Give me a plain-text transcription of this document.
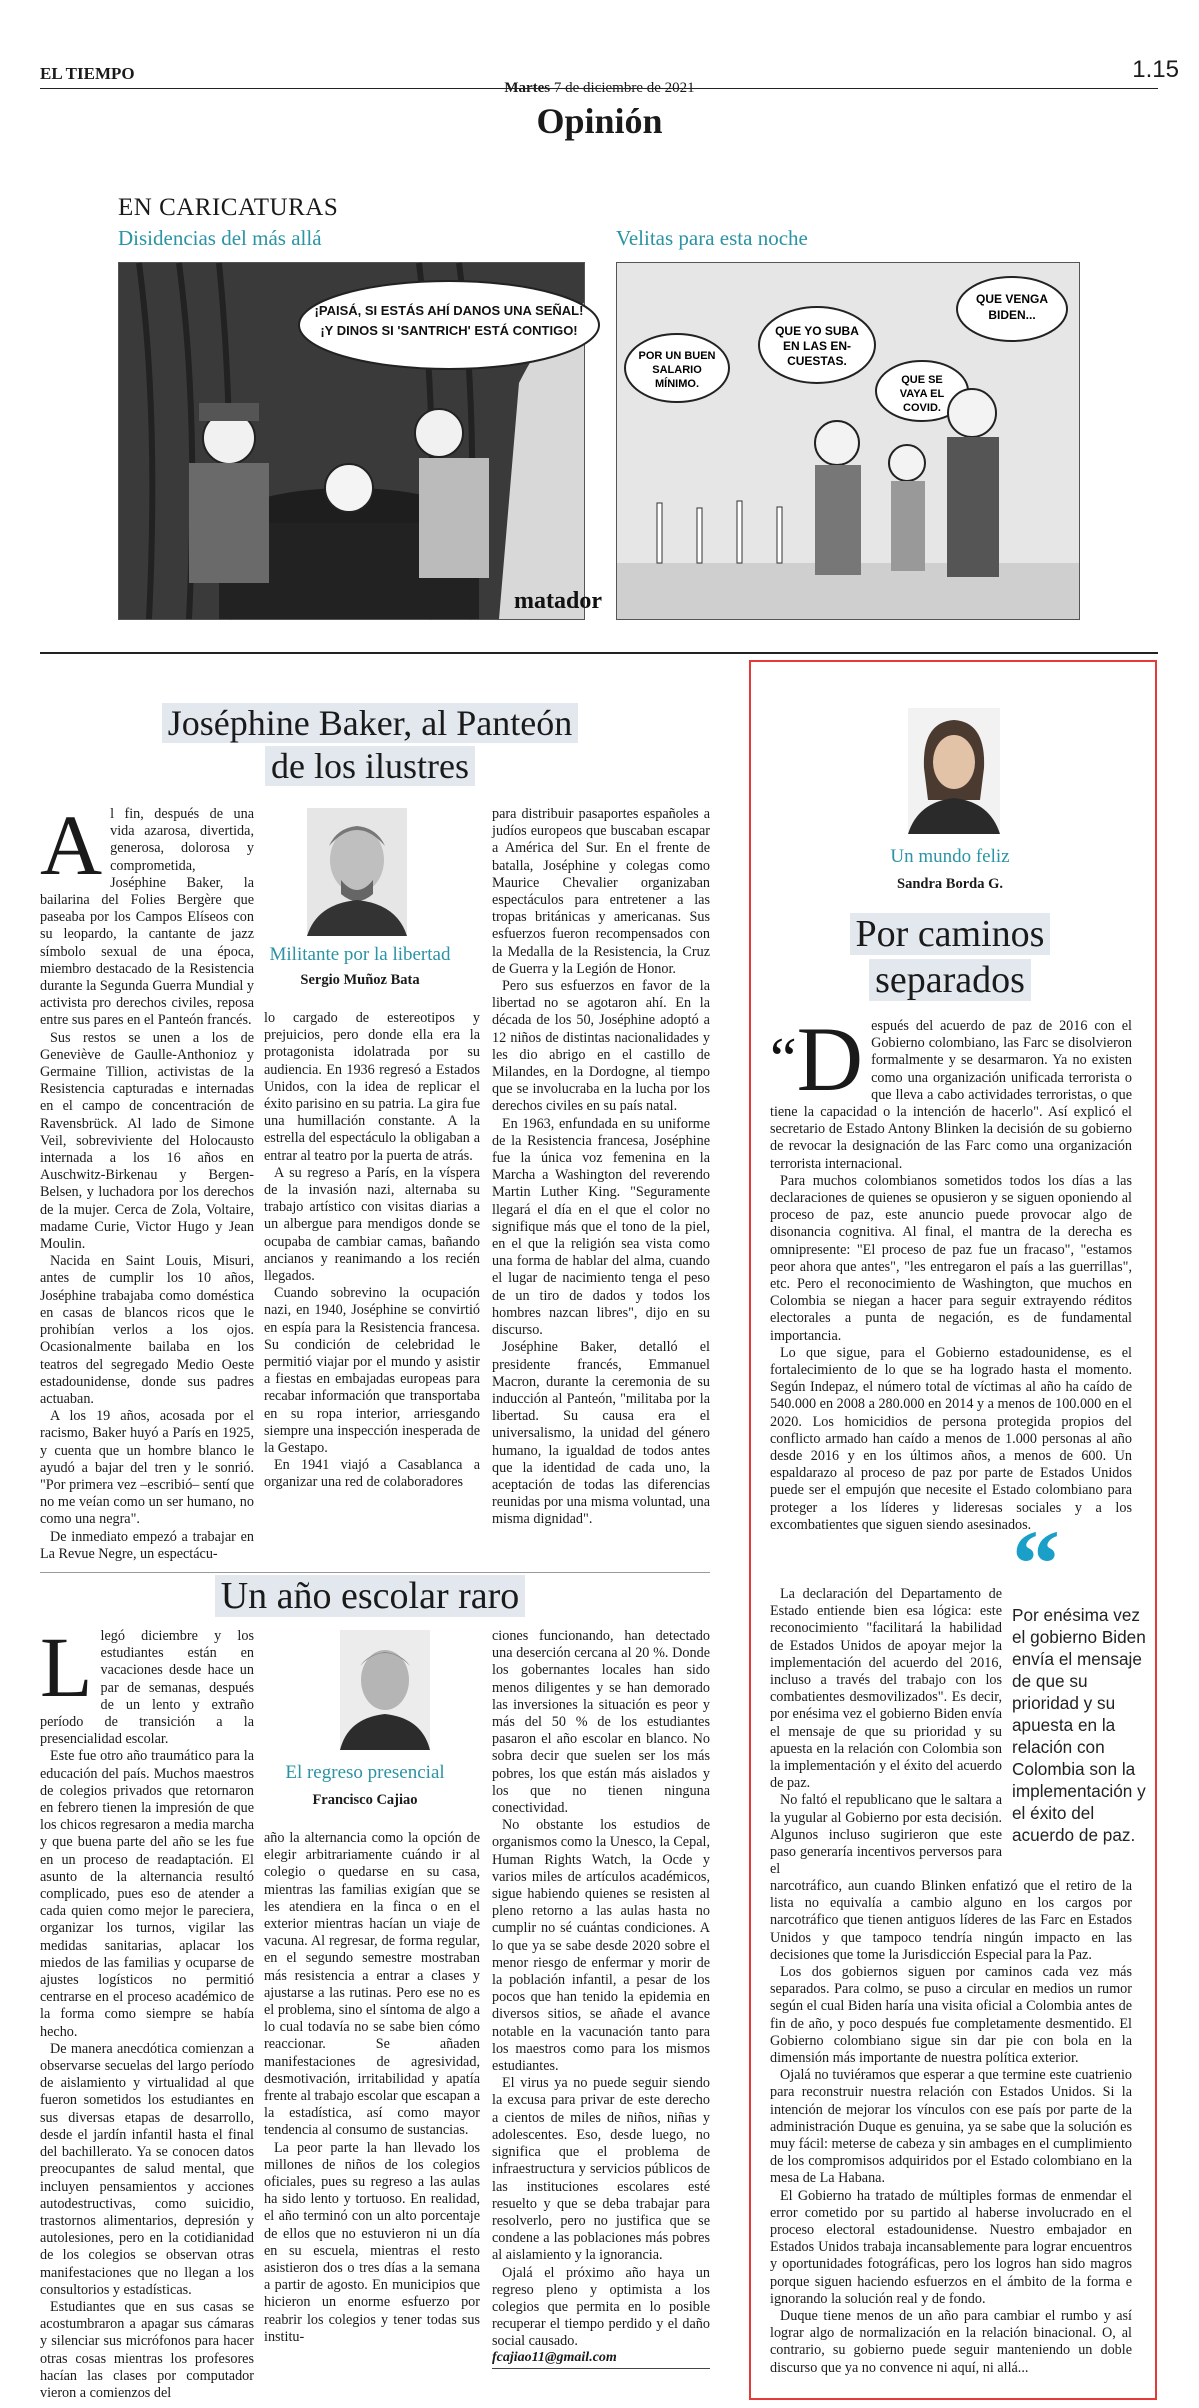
EL TIEMPO	1.15
Martes 7 de diciembre de 2021
Opinión
EN CARICATURAS
Disidencias del más allá	Velitas para esta noche
¡PAISÁ, SI ESTÁS AHÍ DANOS UNA SEÑAL!
¡Y DINOS SI 'SANTRICH' ESTÁ CONTIGO!
matador
POR UN BUEN
SALARIO
MÍNIMO.
QUE YO SUBA
EN LAS EN-
CUESTAS.
QUE SE
VAYA EL
COVID.
QUE VENGA
BIDEN...
Joséphine Baker, al Panteón de los ilustres
Militante por la libertad
Sergio Muñoz Bata
A l fin, después de una vida azarosa, divertida, generosa, dolorosa y comprometida, Joséphine Baker, la bailarina del Folies Bergère que paseaba por los Campos Elíseos con su leopardo, la cantante de jazz símbolo sexual de una época, miembro destacado de la Resistencia durante la Segunda Guerra Mundial y activista pro derechos civiles, reposa entre sus pares en el Panteón francés.

Sus restos se unen a los de Geneviève de Gaulle-Anthonioz y Germaine Tillion, activistas de la Resistencia capturadas e internadas en el campo de concentración de Ravensbrück. Al lado de Simone Veil, sobreviviente del Holocausto internada a los 16 años en Auschwitz-Birkenau y Bergen-Belsen, y luchadora por los derechos de la mujer. Cerca de Zola, Voltaire, madame Curie, Victor Hugo y Jean Moulin.

Nacida en Saint Louis, Misuri, antes de cumplir los 10 años, Joséphine trabajaba como doméstica en casas de blancos ricos que le prohibían verlos a los ojos. Ocasionalmente bailaba en los teatros del segregado Medio Oeste estadounidense, donde sus padres actuaban.

A los 19 años, acosada por el racismo, Baker huyó a París en 1925, y cuenta que un hombre blanco le ayudó a bajar del tren y le sonrió. "Por primera vez –escribió– sentí que no me veían como un ser humano, no como una negra".

De inmediato empezó a trabajar en La Revue Negre, un espectácu-

lo cargado de estereotipos y prejuicios, pero donde ella era la protagonista idolatrada por su audiencia. En 1936 regresó a Estados Unidos, con la idea de replicar el éxito parisino en su patria. La gira fue una humillación constante. A la estrella del espectáculo la obligaban a entrar al teatro por la puerta de atrás.

A su regreso a París, en la víspera de la invasión nazi, alternaba su trabajo artístico con visitas diarias a un albergue para mendigos donde se ocupaba de cambiar camas, bañando ancianos y reanimando a los recién llegados.

Cuando sobrevino la ocupación nazi, en 1940, Joséphine se convirtió en espía para la Resistencia francesa. Su condición de celebridad le permitió viajar por el mundo y asistir a fiestas en embajadas europeas para recabar información que transportaba en su ropa interior, arriesgando siempre una inspección inesperada de la Gestapo.

En 1941 viajó a Casablanca a organizar una red de colaboradores

para distribuir pasaportes españoles a judíos europeos que buscaban escapar a América del Sur. En el frente de batalla, Joséphine y colegas como Maurice Chevalier organizaban espectáculos para entretener a las tropas británicas y americanas. Sus esfuerzos fueron recompensados con la Medalla de la Resistencia, la Cruz de Guerra y la Legión de Honor.

Pero sus esfuerzos en favor de la libertad no se agotaron ahí. En la década de los 50, Joséphine adoptó a 12 niños de distintas nacionalidades y les dio abrigo en el castillo de Milandes, en la Dordogne, al tiempo que se involucraba en la lucha por los derechos civiles en su país natal.

En 1963, enfundada en su uniforme de la Resistencia francesa, Joséphine fue la única voz femenina en la Marcha a Washington del reverendo Martin Luther King. "Seguramente llegará el día en el que el color no signifique más que el tono de la piel, en el que la religión sea vista como una forma de hablar del alma, cuando el lugar de nacimiento tenga el peso de un tiro de dados y todos los hombres nazcan libres", dijo en su discurso.

Joséphine Baker, detalló el presidente francés, Emmanuel Macron, durante la ceremonia de su inducción al Panteón, "militaba por la libertad. Su causa era el universalismo, la unidad del género humano, la igualdad de todos antes que la identidad de cada uno, la aceptación de todas las diferencias reunidas por una misma voluntad, una misma dignidad".

Un año escolar raro
El regreso presencial
Francisco Cajiao
L legó diciembre y los estudiantes están en vacaciones desde hace un par de semanas, después de un lento y extraño período de transición a la presencialidad escolar.

Este fue otro año traumático para la educación del país. Muchos maestros de colegios privados que retornaron en febrero tienen la impresión de que los chicos regresaron a media marcha y que buena parte del año se les fue en un proceso de readaptación. El asunto de la alternancia resultó complicado, pues eso de atender a cada quien como mejor le pareciera, organizar los turnos, vigilar las medidas sanitarias, aplacar los miedos de las familias y ocuparse de ajustes logísticos no permitió centrarse en el proceso académico de la forma como siempre se había hecho.

De manera anecdótica comienzan a observarse secuelas del largo período de aislamiento y virtualidad al que fueron sometidos los estudiantes en sus diversas etapas de desarrollo, desde el jardín infantil hasta el final del bachillerato. Ya se conocen datos preocupantes de salud mental, que incluyen pensamientos y acciones autodestructivas, como suicidio, trastornos alimentarios, depresión y autolesiones, pero en la cotidianidad de los colegios se observan otras manifestaciones que no llegan a los consultorios y estadísticas.

Estudiantes que en sus casas se acostumbraron a apagar sus cámaras y silenciar sus micrófonos para hacer otras cosas mientras los profesores hacían las clases por computador vieron a comienzos del

año la alternancia como la opción de elegir arbitrariamente cuándo ir al colegio o quedarse en su casa, mientras las familias exigían que se les atendiera en la finca o en el exterior mientras hacían un viaje de vacuna. Al regresar, de forma regular, en el segundo semestre mostraban más resistencia a entrar a clases y ajustarse a las rutinas. Pero ese no es el problema, sino el síntoma de algo a lo cual todavía no se sabe bien cómo reaccionar. Se añaden manifestaciones de agresividad, desmotivación, irritabilidad y apatía frente al trabajo escolar que escapan a la estadística, así como mayor tendencia al consumo de sustancias.

La peor parte la han llevado los millones de niños de los colegios oficiales, pues su regreso a las aulas ha sido lento y tortuoso. En realidad, el año terminó con un alto porcentaje de ellos que no estuvieron ni un día en su escuela, mientras el resto asistieron dos o tres días a la semana a partir de agosto. En municipios que hicieron un enorme esfuerzo por reabrir los colegios y tener todas sus institu-

ciones funcionando, han detectado una deserción cercana al 20 %. Donde los gobernantes locales han sido menos diligentes y se han demorado las inversiones la situación es peor y más del 50 % de los estudiantes pasaron el año escolar en blanco. No sobra decir que suelen ser los más pobres, los que están más aislados y los que no tienen ninguna conectividad.

No obstante los estudios de organismos como la Unesco, la Cepal, Human Rights Watch, la Ocde y varios miles de artículos académicos, sigue habiendo quienes se resisten al pleno retorno a las aulas hasta no cumplir no sé cuántas condiciones. A lo que ya se sabe desde 2020 sobre el menor riesgo de enfermar y morir de la población infantil, a pesar de los pocos que han tenido la epidemia en diversos sitios, se añade el avance notable en la vacunación tanto para los maestros como para los mismos estudiantes.

El virus ya no puede seguir siendo la excusa para privar de este derecho a cientos de miles de niños, niñas y adolescentes. Eso, desde luego, no significa que el problema de infraestructura y servicios públicos de las instituciones escolares esté resuelto y que se deba trabajar para resolverlo, pero no justifica que se condene a las poblaciones más pobres al aislamiento y la ignorancia.

Ojalá el próximo año haya un regreso pleno y optimista a los colegios que permita en lo posible recuperar el tiempo perdido y el daño social causado.

fcajiao11@gmail.com
Un mundo feliz
Sandra Borda G.
Por caminos separados
“D espués del acuerdo de paz de 2016 con el Gobierno colombiano, las Farc se disolvieron formalmente y se desarmaron. Ya no existen como una organización unificada terrorista o que lleva a cabo actividades terroristas, o que tiene la capacidad o la intención de hacerlo". Así explicó el secretario de Estado Antony Blinken la decisión de su gobierno de revocar la designación de las Farc como una organización terrorista internacional.

Para muchos colombianos sometidos todos los días a las declaraciones de quienes se opusieron y se siguen oponiendo al proceso de paz, este anuncio puede provocar algo de disonancia cognitiva. Al final, el mantra de la derecha es omnipresente: "El proceso de paz fue un fracaso", "estamos peor ahora que antes", "les entregaron el país a las guerrillas", etc. Pero el reconocimiento de Washington, que muchos en Colombia se niegan a hacer para seguir extrayendo réditos electorales a punta de negación, es de fundamental importancia.

Lo que sigue, para el Gobierno estadounidense, es el fortalecimiento de lo que se ha logrado hasta el momento. Según Indepaz, el número total de víctimas al año ha caído de 540.000 en 2008 a 280.000 en 2014 y a menos de 100.000 en el 2020. Los homicidios de persona protegida propios del conflicto armado han caído a menos de 1.000 personas al año desde 2016 y en los últimos años, a menos de 600. Un espaldarazo al proceso de paz por parte de Estados Unidos puede ser el empujón que necesite el Estado colombiano para proteger a los líderes y lideresas sociales y a los excombatientes que siguen siendo asesinados.

La declaración del Departamento de Estado entiende bien esa lógica: este reconocimiento "facilitará la habilidad de Estados Unidos de apoyar mejor la implementación del acuerdo del 2016, incluso a través del trabajo con los combatientes desmovilizados". Es decir, por enésima vez el gobierno Biden envía el mensaje de que su prioridad y su apuesta en la relación con Colombia son la implementación y el éxito del acuerdo de paz.

No faltó el republicano que le saltara a la yugular al Gobierno por esta decisión. Algunos incluso sugirieron que este paso generaría incentivos perversos para el

“
Por enésima vez el gobierno Biden envía el mensaje de que su prioridad y su apuesta en la relación con Colombia son la implementación y el éxito del acuerdo de paz.

narcotráfico, aun cuando Blinken enfatizó que el retiro de la lista no equivalía a cambio alguno en los cargos por narcotráfico que tienen antiguos líderes de las Farc en Estados Unidos y que tampoco tendría ningún impacto en las decisiones que tome la Jurisdicción Especial para la Paz.

Los dos gobiernos siguen por caminos cada vez más separados. Para colmo, se puso a circular en medios un rumor según el cual Biden haría una visita oficial a Colombia antes de fin de año, y poco después fue completamente desmentido. El Gobierno colombiano sigue sin dar pie con bola en la dimensión más importante de nuestra política exterior.

Ojalá no tuviéramos que esperar a que termine este cuatrienio para reconstruir nuestra relación con Estados Unidos. Si la intención de mejorar los vínculos con ese país por parte de la administración Duque es genuina, ya se sabe que la solución es muy fácil: meterse de cabeza y sin ambages en el cumplimiento de los compromisos adquiridos por el Estado colombiano en la mesa de La Habana.

El Gobierno ha tratado de múltiples formas de enmendar el error cometido por su partido al haberse involucrado en el proceso electoral estadounidense. Nuestro embajador en Estados Unidos trabaja incansablemente para lograr encuentros y oportunidades fotográficas, pero los logros han sido magros porque siguen haciendo esfuerzos en el ámbito de la forma e ignorando la solución real y de fondo.

Duque tiene menos de un año para cambiar el rumbo y así lograr algo de normalización en la relación binacional. O, al contrario, su gobierno puede seguir manteniendo un doble discurso que ya no convence ni aquí, ni allá...
